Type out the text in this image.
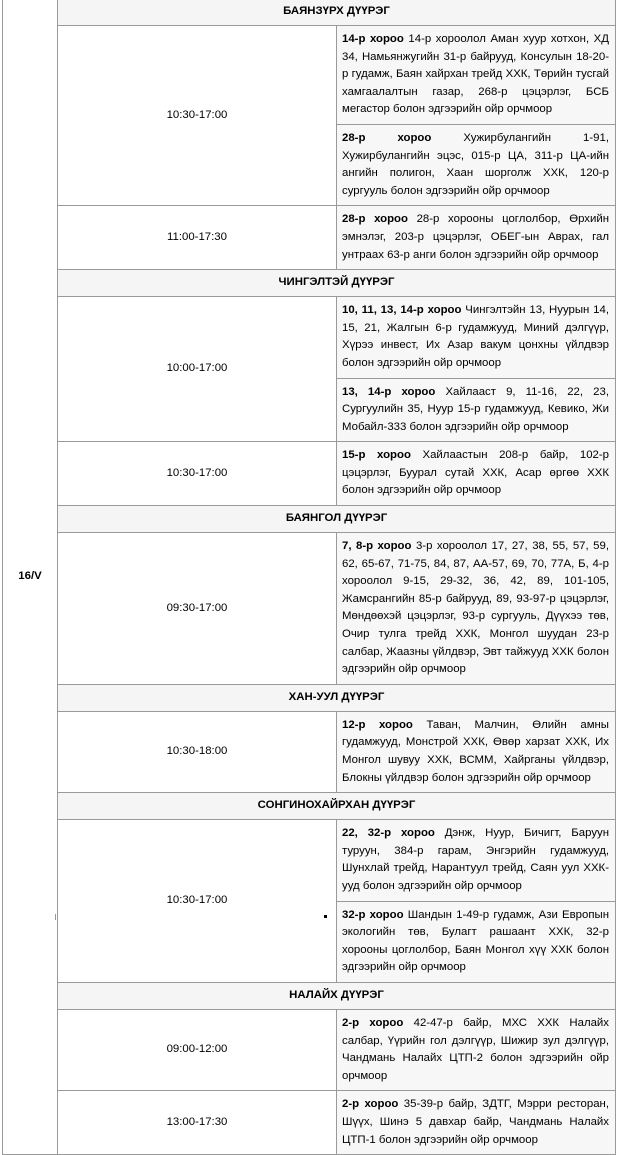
16/V	БАЯНЗҮРХ ДҮҮРЭГ	
	10:30-17:00	14-р хороо 14-р хороолол Аман хуур хотхон, ХД 34, Намьянжугийн 31-р байрууд, Консулын 18-20-р гудамж, Баян хайрхан трейд ХХК, Төрийн тусгай хамгаалалтын газар, 268-р цэцэрлэг, БСБ мегастор болон эдгээрийн ойр орчмоор
		28-р хороо Хужирбулангийн 1-91, Хужирбулангийн эцэс, 015-р ЦА, 311-р ЦА-ийн ангийн полигон, Хаан шорголж ХХК, 120-р сургууль болон эдгээрийн ойр орчмоор
	11:00-17:30	28-р хороо 28-р хорооны цоглолбор, Өрхийн эмнэлэг, 203-р цэцэрлэг, ОБЕГ-ын Аврах, гал унтраах 63-р анги болон эдгээрийн ойр орчмоор
	ЧИНГЭЛТЭЙ ДҮҮРЭГ	
	10:00-17:00	10, 11, 13, 14-р хороо Чингэлтэйн 13, Нуурын 14, 15, 21, Жалгын 6-р гудамжууд, Миний дэлгүүр, Хүрээ инвест, Их Азар вакум цонхны үйлдвэр болон эдгээрийн ойр орчмоор
		13, 14-р хороо Хайлааст 9, 11-16, 22, 23, Сургуулийн 35, Нуур 15-р гудамжууд, Кевико, Жи Мобайл-333 болон эдгээрийн ойр орчмоор
	10:30-17:00	15-р хороо Хайлаастын 208-р байр, 102-р цэцэрлэг, Буурал сутай ХХК, Асар өргөө ХХК болон эдгээрийн ойр орчмоор
	БАЯНГОЛ ДҮҮРЭГ	
	09:30-17:00	7, 8-р хороо 3-р хороолол 17, 27, 38, 55, 57, 59, 62, 65-67, 71-75, 84, 87, АА-57, 69, 70, 77А, Б, 4-р хороолол 9-15, 29-32, 36, 42, 89, 101-105, Жамсрангийн 85-р байрууд, 89, 93-97-р цэцэрлэг, Мөндөөхэй цэцэрлэг, 93-р сургууль, Дүүхээ төв, Очир тулга трейд ХХК, Монгол шуудан 23-р салбар, Жаазны үйлдвэр, Эвт тайжууд ХХК болон эдгээрийн ойр орчмоор
	ХАН-УУЛ ДҮҮРЭГ	
	10:30-18:00	12-р хороо Таван, Малчин, Өлийн амны гудамжууд, Монстрой ХХК, Өвөр харзат ХХК, Их Монгол шувуу ХХК, ВСММ, Хайрганы үйлдвэр, Блокны үйлдвэр болон эдгээрийн ойр орчмоор
	СОНГИНОХАЙРХАН ДҮҮРЭГ	
	10:30-17:00	22, 32-р хороо Дэнж, Нуур, Бичигт, Баруун туруун, 384-р гарам, Энгэрийн гудамжууд, Шунхлай трейд, Нарантуул трейд, Саян уул ХХК-ууд болон эдгээрийн ойр орчмоор
		32-р хороо Шандын 1-49-р гудамж, Ази Европын экологийн төв, Булагт рашаант ХХК, 32-р хорооны цоглолбор, Баян Монгол хүү ХХК болон эдгээрийн ойр орчмоор
	НАЛАЙХ ДҮҮРЭГ	
	09:00-12:00	2-р хороо 42-47-р байр, МХС ХХК Налайх салбар, Үүрийн гол дэлгүүр, Шижир зул дэлгүүр, Чандмань Налайх ЦТП-2 болон эдгээрийн ойр орчмоор
	13:00-17:30	2-р хороо 35-39-р байр, ЗДТГ, Мэрри ресторан, Шүүх, Шинэ 5 давхар байр, Чандмань Налайх ЦТП-1 болон эдгээрийн ойр орчмоор
